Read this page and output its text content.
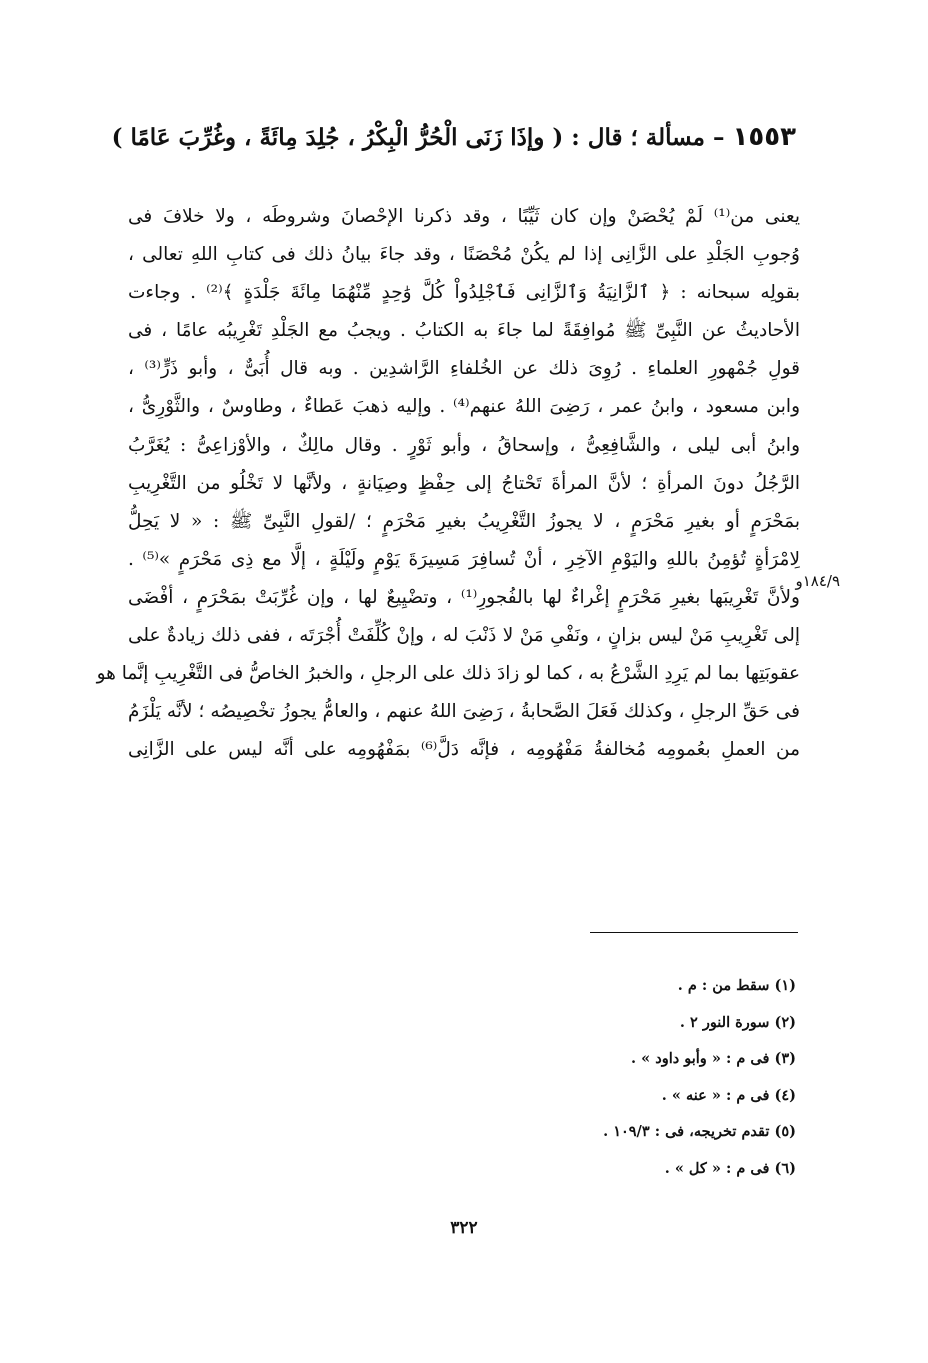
١٥٥٣ – مسألة ؛ قال : ( وإذَا زَنَى الْحُرُّ الْبِكْرُ ، جُلِدَ مِائَةً ، وغُرِّبَ عَامًا )
يعنى من⁽¹⁾ لَمْ يُحْصَنْ وإن كان ثَيِّبًا ، وقد ذكرنا الإحْصانَ وشروطَه ، ولا خلافَ فى
وُجوبِ الجَلْدِ على الزَّانِى إذا لم يكُنْ مُحْصَنًا ، وقد جاءَ بيانُ ذلك فى كتابِ اللهِ تعالى ،
بقولِه سبحانه : ﴿ ٱلزَّانِيَةُ وَٱلزَّانِى فَٱجْلِدُواْ كُلَّ وَٰحِدٍ مِّنْهُمَا مِائَةَ جَلْدَةٍ ﴾⁽²⁾ . وجاءت
الأحاديثُ عن النَّبِىِّ ﷺ مُوافِقَةً لما جاءَ به الكتابُ . ويجبُ مع الجَلْدِ تَغْرِيبُه عامًا ، فى
قولِ جُمْهورِ العلماءِ . رُوِىَ ذلك عن الخُلفاءِ الرَّاشدِين . وبه قال أُبَىٌّ ، وأبو ذَرٍّ⁽³⁾ ،
وابن مسعود ، وابنُ عمر ، رَضِىَ اللهُ عنهم⁽⁴⁾ . وإليه ذهبَ عَطاءٌ ، وطاوسٌ ، والثَّوْرِىُّ ،
وابنُ أبى ليلى ، والشَّافِعِىُّ ، وإسحاقُ ، وأبو ثَوْرٍ . وقال مالِكٌ ، والأوْزاعِىُّ : يُغَرَّبُ
الرَّجُلُ دونَ المرأةِ ؛ لأنَّ المرأةَ تَحْتاجُ إلى حِفْظٍ وصِيَانةٍ ، ولأنَّها لا تَخْلُو من التَّغْرِيبِ
بمَحْرَمٍ أو بغيرِ مَحْرَمٍ ، لا يجوزُ التَّغْرِيبُ بغيرِ مَحْرَمٍ ؛ /لقولِ النَّبِىِّ ﷺ : « لا يَحِلُّ
لِامْرَأةٍ تُؤمِنُ باللهِ واليَوْمِ الآخِرِ ، أنْ تُسافِرَ مَسِيرَةَ يَوْمٍ ولَيْلَةٍ ، إلَّا مع ذِى مَحْرَمٍ »⁽⁵⁾ .
ولأنَّ تَغْرِيبَها بغيرِ مَحْرَمٍ إغْراءٌ لها بالفُجورِ⁽¹⁾ ، وتضْيِيعٌ لها ، وإن غُرِّبَتْ بمَحْرَمٍ ، أفْضَى
إلى تَغْرِيبِ مَنْ ليس بزانٍ ، ونَفْىِ مَنْ لا ذَنْبَ له ، وإنْ كُلِّفَتْ أُجْرَتَه ، ففى ذلك زيادةٌ على
عقوبَتِها بما لم يَرِدِ الشَّرْعُ به ، كما لو زادَ ذلك على الرجلِ ، والخبرُ الخاصُّ فى التَّغْرِيبِ إنَّما هو
فى حَقِّ الرجلِ ، وكذلك فَعَلَ الصَّحابةُ ، رَضِىَ اللهُ عنهم ، والعامُّ يجوزُ تخْصِيصُه ؛ لأنَّه يَلْزَمُ
من العملِ بعُمومِه مُخالفةُ مَفْهُومِه ، فإنَّه دَلَّ⁽⁶⁾ بمَفْهُومِه على أنَّه ليس على الزَّانِى
١٨٤/٩و
(١) سقط من : م .
(٢) سورة النور ٢ .
(٣) فى م : « وأبو داود » .
(٤) فى م : « عنه » .
(٥) تقدم تخريجه، فى : ١٠٩/٣ .
(٦) فى م : « كل » .
٣٢٢
